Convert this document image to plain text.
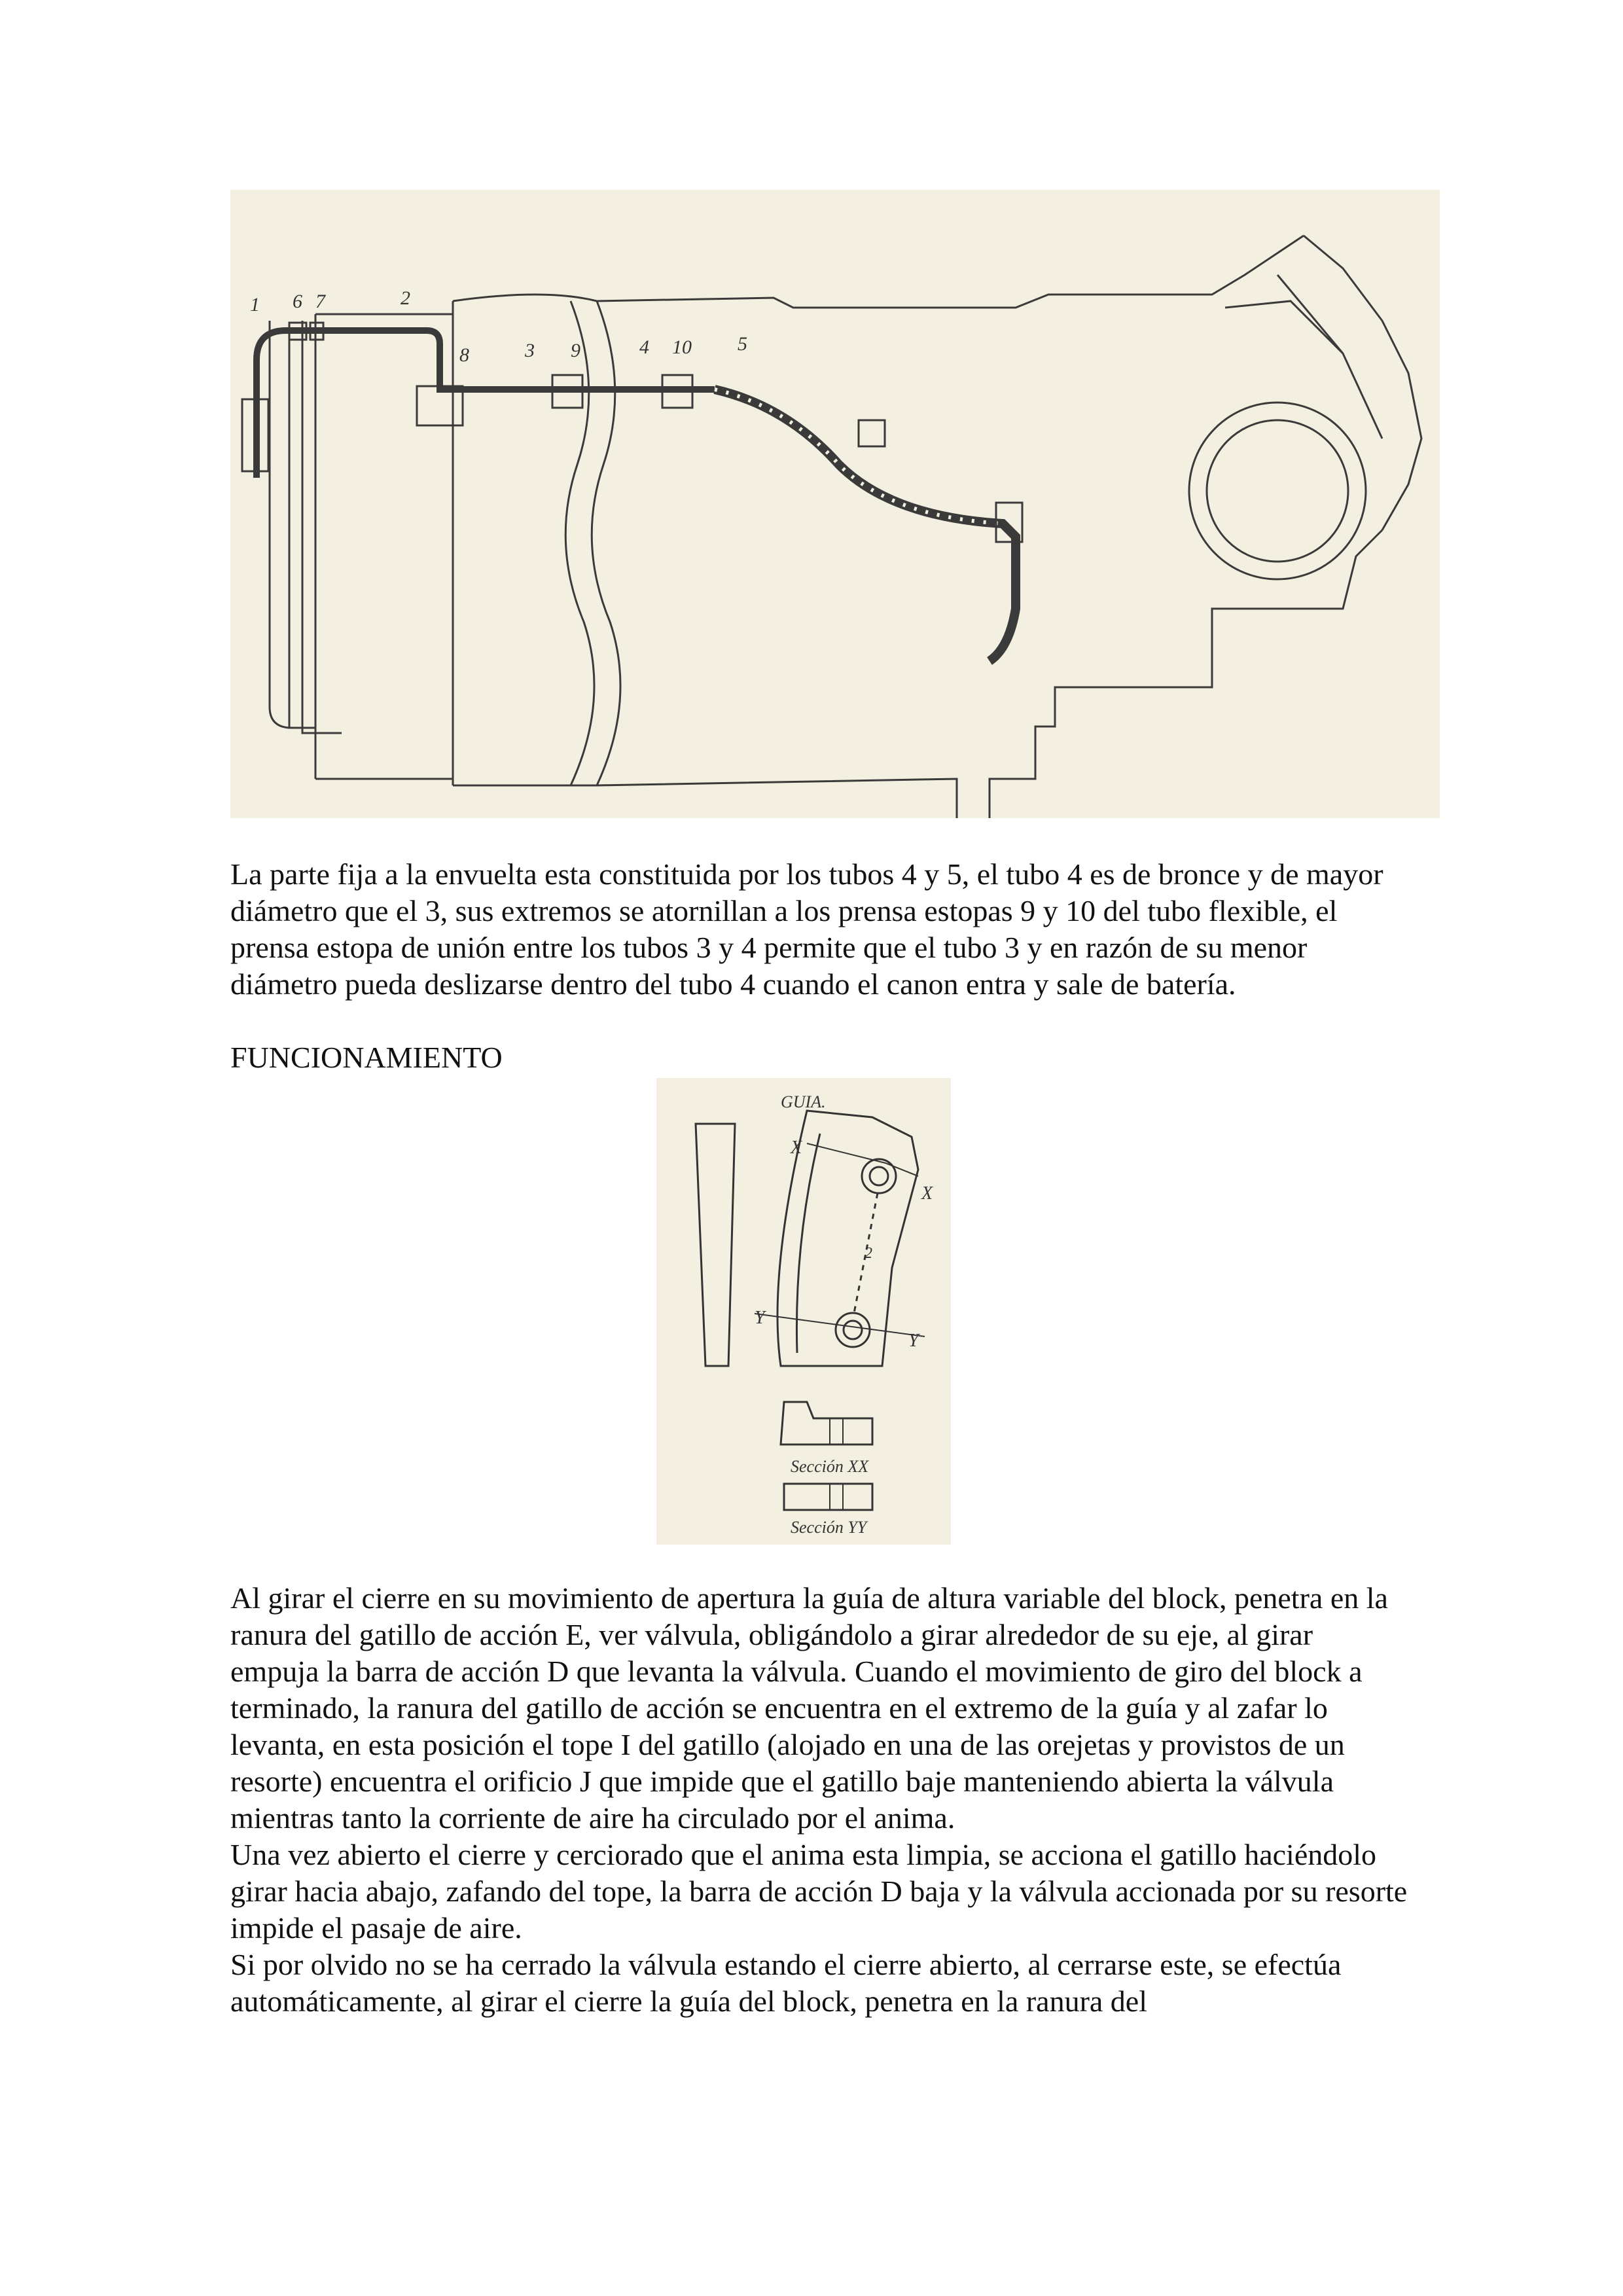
1 6 7	2
8	3 9	4 10 5

La parte fija a la envuelta esta constituida por los tubos 4 y 5, el tubo 4 es de bronce y de mayor diámetro que el 3, sus extremos se atornillan a los prensa estopas 9 y 10 del tubo flexible, el prensa estopa de unión entre los tubos 3 y 4 permite que el tubo 3 y en razón de su menor diámetro pueda deslizarse dentro del tubo 4 cuando el canon entra y sale de batería.

FUNCIONAMIENTO

GUIA.
X
X
Y
Y
2
Sección XX
Sección YY

Al girar el cierre en su movimiento de apertura la guía de altura variable del block, penetra en la ranura del gatillo de acción E, ver válvula, obligándolo a girar alrededor de su eje, al girar empuja la barra de acción D que levanta la válvula. Cuando el movimiento de giro del block a terminado, la ranura del gatillo de acción se encuentra en el extremo de la guía y al zafar lo levanta, en esta posición el tope I del gatillo (alojado en una de las orejetas y provistos de un resorte) encuentra el orificio J que impide que el gatillo baje manteniendo abierta la válvula mientras tanto la corriente de aire ha circulado por el anima.

Una vez abierto el cierre y cerciorado que el anima esta limpia, se acciona el gatillo haciéndolo girar hacia abajo, zafando del tope, la barra de acción D baja y la válvula accionada por su resorte impide el pasaje de aire.

Si por olvido no se ha cerrado la válvula estando el cierre abierto, al cerrarse este, se efectúa automáticamente, al girar el cierre la guía del block, penetra en la ranura del
